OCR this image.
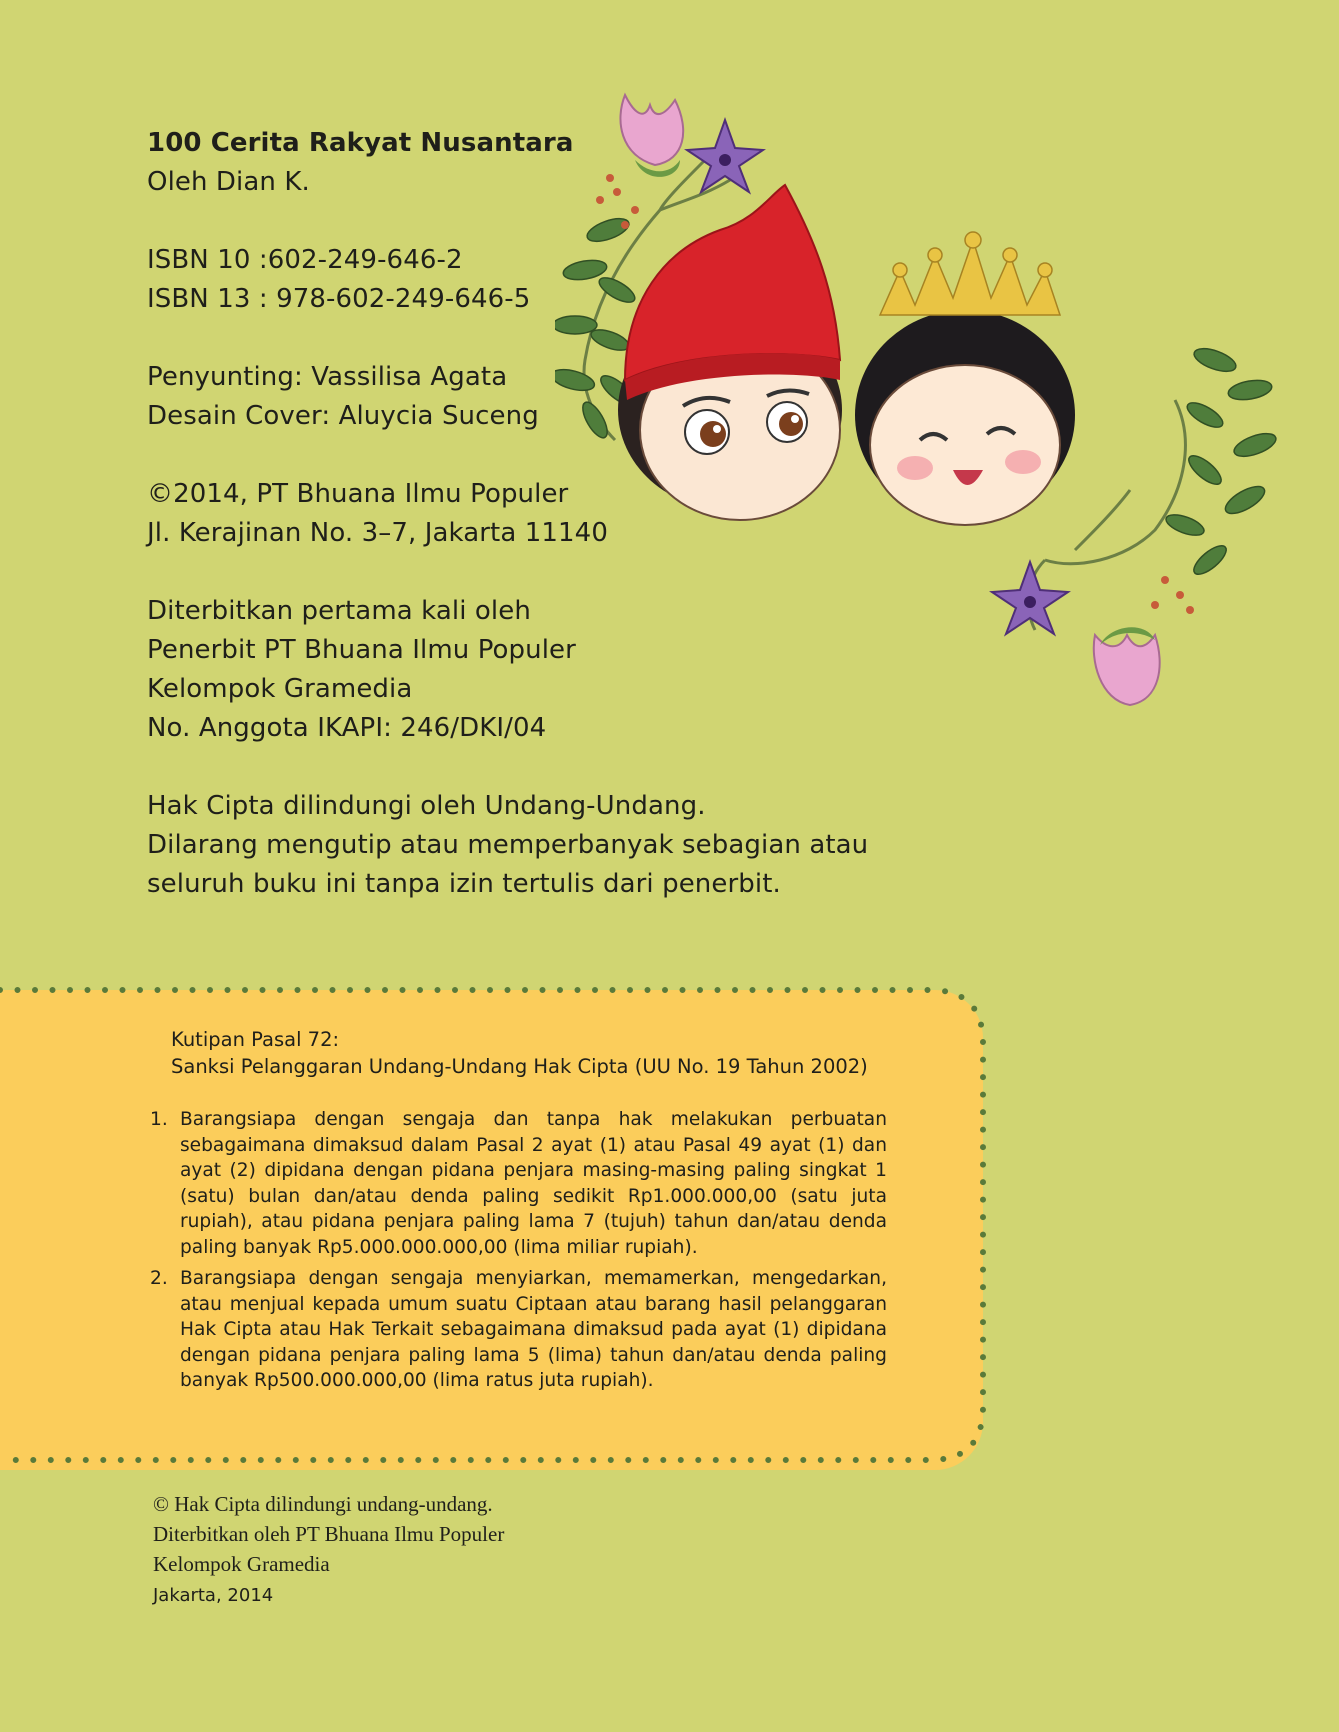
100 Cerita Rakyat Nusantara

Oleh Dian K.

ISBN 10 :602-249-646-2

ISBN 13 : 978-602-249-646-5

Penyunting: Vassilisa Agata

Desain Cover: Aluycia Suceng

©2014, PT Bhuana Ilmu Populer

Jl. Kerajinan No. 3–7, Jakarta 11140

Diterbitkan pertama kali oleh

Penerbit PT Bhuana Ilmu Populer

Kelompok Gramedia

No. Anggota IKAPI: 246/DKI/04

Hak Cipta dilindungi oleh Undang-Undang.

Dilarang mengutip atau memperbanyak sebagian atau

seluruh buku ini tanpa izin tertulis dari penerbit.

Kutipan Pasal 72:

Sanksi Pelanggaran Undang-Undang Hak Cipta (UU No. 19 Tahun 2002)

1. Barangsiapa dengan sengaja dan tanpa hak melakukan perbuatan sebagaimana dimaksud dalam Pasal 2 ayat (1) atau Pasal 49 ayat (1) dan ayat (2) dipidana dengan pidana penjara masing-masing paling singkat 1 (satu) bulan dan/atau denda paling sedikit Rp1.000.000,00 (satu juta rupiah), atau pidana penjara paling lama 7 (tujuh) tahun dan/atau denda paling banyak Rp5.000.000.000,00 (lima miliar rupiah).
2. Barangsiapa dengan sengaja menyiarkan, memamerkan, mengedarkan, atau menjual kepada umum suatu Ciptaan atau barang hasil pelanggaran Hak Cipta atau Hak Terkait sebagaimana dimaksud pada ayat (1) dipidana dengan pidana penjara paling lama 5 (lima) tahun dan/atau denda paling banyak Rp500.000.000,00 (lima ratus juta rupiah).

© Hak Cipta dilindungi undang-undang.

Diterbitkan oleh PT Bhuana Ilmu Populer

Kelompok Gramedia

Jakarta, 2014
